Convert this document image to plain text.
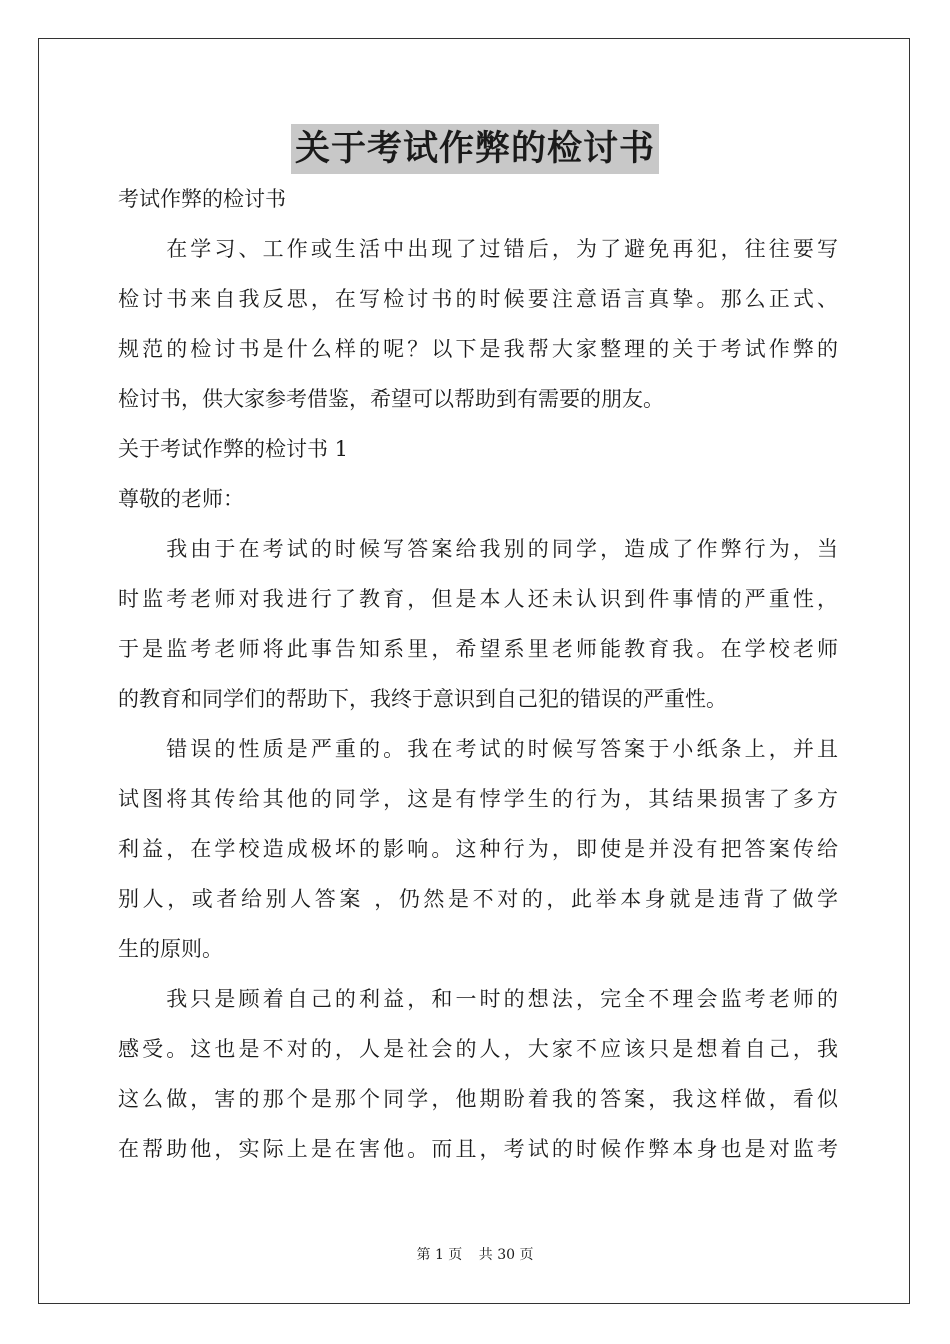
关于考试作弊的检讨书
考试作弊的检讨书
　　在学习、工作或生活中出现了过错后，为了避免再犯，往往要写
检讨书来自我反思，在写检讨书的时候要注意语言真挚。那么正式、
规范的检讨书是什么样的呢？以下是我帮大家整理的关于考试作弊的
检讨书，供大家参考借鉴，希望可以帮助到有需要的朋友。
关于考试作弊的检讨书 1
尊敬的老师：
　　我由于在考试的时候写答案给我别的同学，造成了作弊行为，当
时监考老师对我进行了教育，但是本人还未认识到件事情的严重性，
于是监考老师将此事告知系里，希望系里老师能教育我。在学校老师
的教育和同学们的帮助下，我终于意识到自己犯的错误的严重性。
　　错误的性质是严重的。我在考试的时候写答案于小纸条上，并且
试图将其传给其他的同学，这是有悖学生的行为，其结果损害了多方
利益，在学校造成极坏的影响。这种行为，即使是并没有把答案传给
别人，或者给别人答案 ，仍然是不对的，此举本身就是违背了做学
生的原则。
　　我只是顾着自己的利益，和一时的想法，完全不理会监考老师的
感受。这也是不对的，人是社会的人，大家不应该只是想着自己，我
这么做，害的那个是那个同学，他期盼着我的答案，我这样做，看似
在帮助他，实际上是在害他。而且，考试的时候作弊本身也是对监考
第 1 页 共 30 页
